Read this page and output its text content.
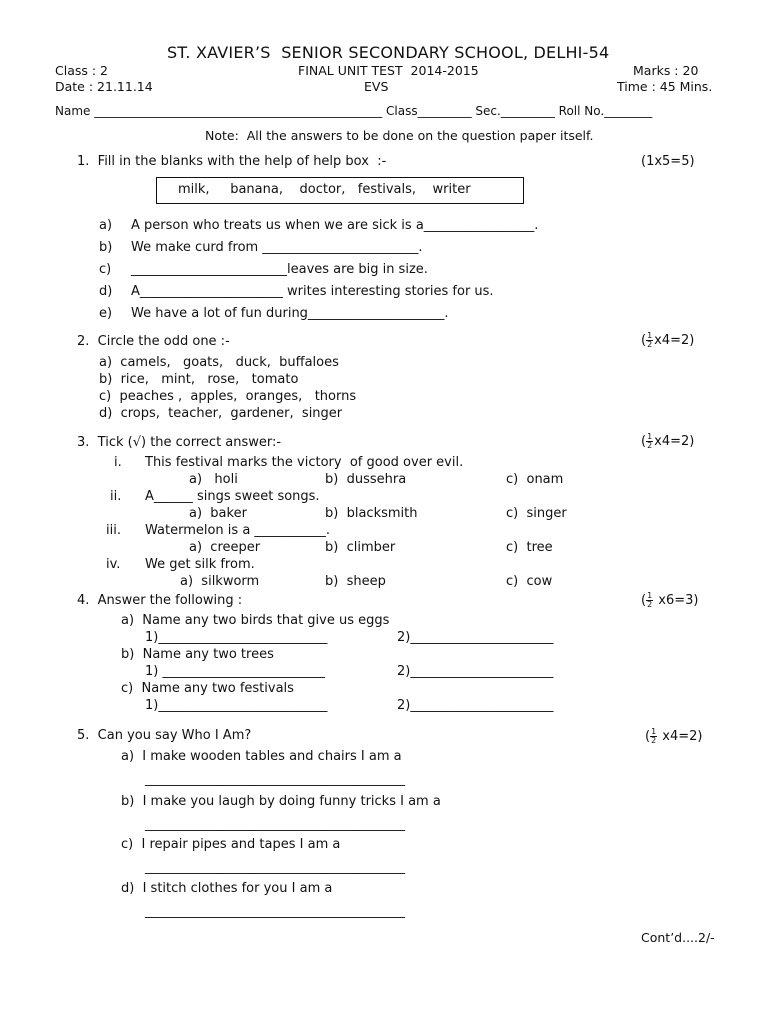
ST. XAVIER’S  SENIOR SECONDARY SCHOOL, DELHI-54
Class : 2	FINAL UNIT TEST  2014-2015	Marks : 20
Date : 21.11.14	EVS	Time : 45 Mins.
Name ________________________________________________ Class_________ Sec._________ Roll No.________
Note:  All the answers to be done on the question paper itself.
1.  Fill in the blanks with the help of help box  :-	(1x5=5)
milk,     banana,    doctor,   festivals,    writer
a) A person who treats us when we are sick is a_________________.
b) We make curd from ________________________.
c) ________________________leaves are big in size.
d) A______________________ writes interesting stories for us.
e) We have a lot of fun during_____________________.
2.  Circle the odd one :-	( $\frac{1}{2} x4=2$)
a)  camels,   goats,   duck,  buffaloes
b)  rice,   mint,   rose,   tomato
c)  peaches ,  apples,  oranges,   thorns
d)  crops,  teacher,  gardener,  singer
3.  Tick (√) the correct answer:-	( $\frac{1}{2} x4=2$)
i. This festival marks the victory  of good over evil.
a)   holi	b)  dussehra	c)  onam
ii. A______ sings sweet songs.
a)  baker	b)  blacksmith	c)  singer
iii. Watermelon is a ___________.
a)  creeper	b)  climber	c)  tree
iv. We get silk from.
a)  silkworm	b)  sheep	c)  cow
4.  Answer the following :	( $\frac{1}{2} x6=3$)
a)  Name any two birds that give us eggs
1)__________________________	2)______________________
b)  Name any two trees
1) _________________________	2)______________________
c)  Name any two festivals
1)__________________________	2)______________________
5.  Can you say Who I Am?	( $\frac{1}{2} x4=2$)
a)  I make wooden tables and chairs I am a
________________________________________
b)  I make you laugh by doing funny tricks I am a
________________________________________
c)  I repair pipes and tapes I am a
________________________________________
d)  I stitch clothes for you I am a
________________________________________
Cont’d....2/-
